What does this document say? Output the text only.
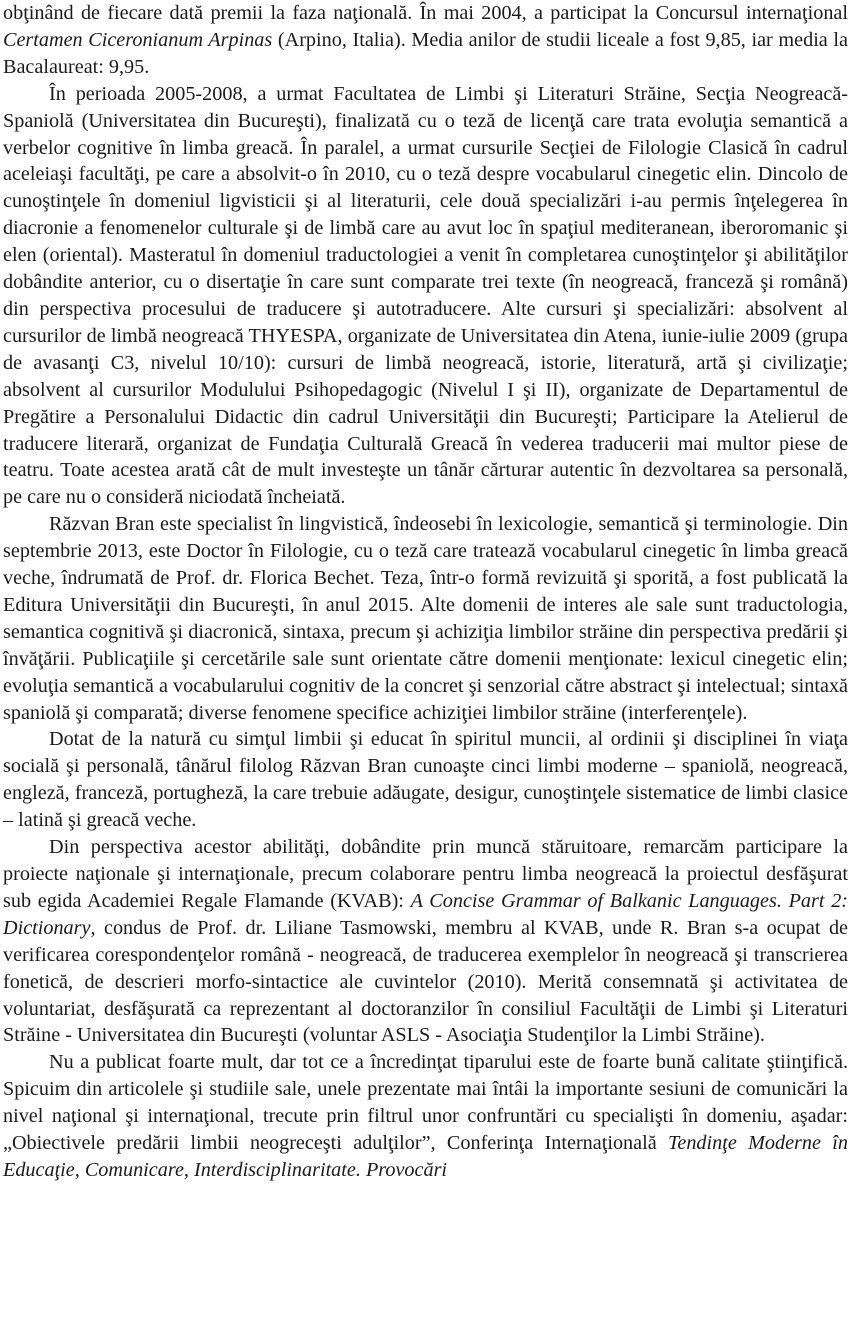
obţinând de fiecare dată premii la faza naţională. În mai 2004, a participat la Concursul internaţional Certamen Ciceronianum Arpinas (Arpino, Italia). Media anilor de studii liceale a fost 9,85, iar media la Bacalaureat: 9,95.

În perioada 2005-2008, a urmat Facultatea de Limbi şi Literaturi Străine, Secţia Neogreacă-Spaniolă (Universitatea din Bucureşti), finalizată cu o teză de licenţă care trata evoluţia semantică a verbelor cognitive în limba greacă. În paralel, a urmat cursurile Secţiei de Filologie Clasică în cadrul aceleiaşi facultăţi, pe care a absolvit-o în 2010, cu o teză despre vocabularul cinegetic elin. Dincolo de cunoştinţele în domeniul ligvisticii şi al literaturii, cele două specializări i-au permis înţelegerea în diacronie a fenomenelor culturale şi de limbă care au avut loc în spaţiul mediteranean, iberoromanic şi elen (oriental). Masteratul în domeniul traductologiei a venit în completarea cunoştinţelor şi abilităţilor dobândite anterior, cu o disertaţie în care sunt comparate trei texte (în neogreacă, franceză şi română) din perspectiva procesului de traducere şi autotraducere. Alte cursuri şi specializări: absolvent al cursurilor de limbă neogreacă THYESPA, organizate de Universitatea din Atena, iunie-iulie 2009 (grupa de avasanţi C3, nivelul 10/10): cursuri de limbă neogreacă, istorie, literatură, artă şi civilizaţie; absolvent al cursurilor Modulului Psihopedagogic (Nivelul I şi II), organizate de Departamentul de Pregătire a Personalului Didactic din cadrul Universităţii din Bucureşti; Participare la Atelierul de traducere literară, organizat de Fundaţia Culturală Greacă în vederea traducerii mai multor piese de teatru. Toate acestea arată cât de mult investeşte un tânăr cărturar autentic în dezvoltarea sa personală, pe care nu o consideră niciodată încheiată.

Răzvan Bran este specialist în lingvistică, îndeosebi în lexicologie, semantică şi terminologie. Din septembrie 2013, este Doctor în Filologie, cu o teză care tratează vocabularul cinegetic în limba greacă veche, îndrumată de Prof. dr. Florica Bechet. Teza, într-o formă revizuită şi sporită, a fost publicată la Editura Universităţii din Bucureşti, în anul 2015. Alte domenii de interes ale sale sunt traductologia, semantica cognitivă şi diacronică, sintaxa, precum şi achiziţia limbilor străine din perspectiva predării şi învăţării. Publicaţiile şi cercetările sale sunt orientate către domenii menţionate: lexicul cinegetic elin; evoluţia semantică a vocabularului cognitiv de la concret şi senzorial către abstract şi intelectual; sintaxă spaniolă şi comparată; diverse fenomene specifice achiziţiei limbilor străine (interferenţele).

Dotat de la natură cu simţul limbii şi educat în spiritul muncii, al ordinii şi disciplinei în viaţa socială şi personală, tânărul filolog Răzvan Bran cunoaşte cinci limbi moderne – spaniolă, neogreacă, engleză, franceză, portugheză, la care trebuie adăugate, desigur, cunoştinţele sistematice de limbi clasice – latină şi greacă veche.

Din perspectiva acestor abilităţi, dobândite prin muncă stăruitoare, remarcăm participare la proiecte naţionale şi internaţionale, precum colaborare pentru limba neogreacă la proiectul desfăşurat sub egida Academiei Regale Flamande (KVAB): A Concise Grammar of Balkanic Languages. Part 2: Dictionary, condus de Prof. dr. Liliane Tasmowski, membru al KVAB, unde R. Bran s-a ocupat de verificarea corespondenţelor română - neogreacă, de traducerea exemplelor în neogreacă şi transcrierea fonetică, de descrieri morfo-sintactice ale cuvintelor (2010). Merită consemnată şi activitatea de voluntariat, desfăşurată ca reprezentant al doctoranzilor în consiliul Facultăţii de Limbi şi Literaturi Străine - Universitatea din Bucureşti (voluntar ASLS - Asociaţia Studenţilor la Limbi Străine).

Nu a publicat foarte mult, dar tot ce a încredinţat tiparului este de foarte bună calitate ştiinţifică. Spicuim din articolele şi studiile sale, unele prezentate mai întâi la importante sesiuni de comunicări la nivel naţional şi internaţional, trecute prin filtrul unor confruntări cu specialişti în domeniu, aşadar: „Obiectivele predării limbii neogreceşti adulţilor”, Conferinţa Internaţională Tendinţe Moderne în Educaţie, Comunicare, Interdisciplinaritate. Provocări
